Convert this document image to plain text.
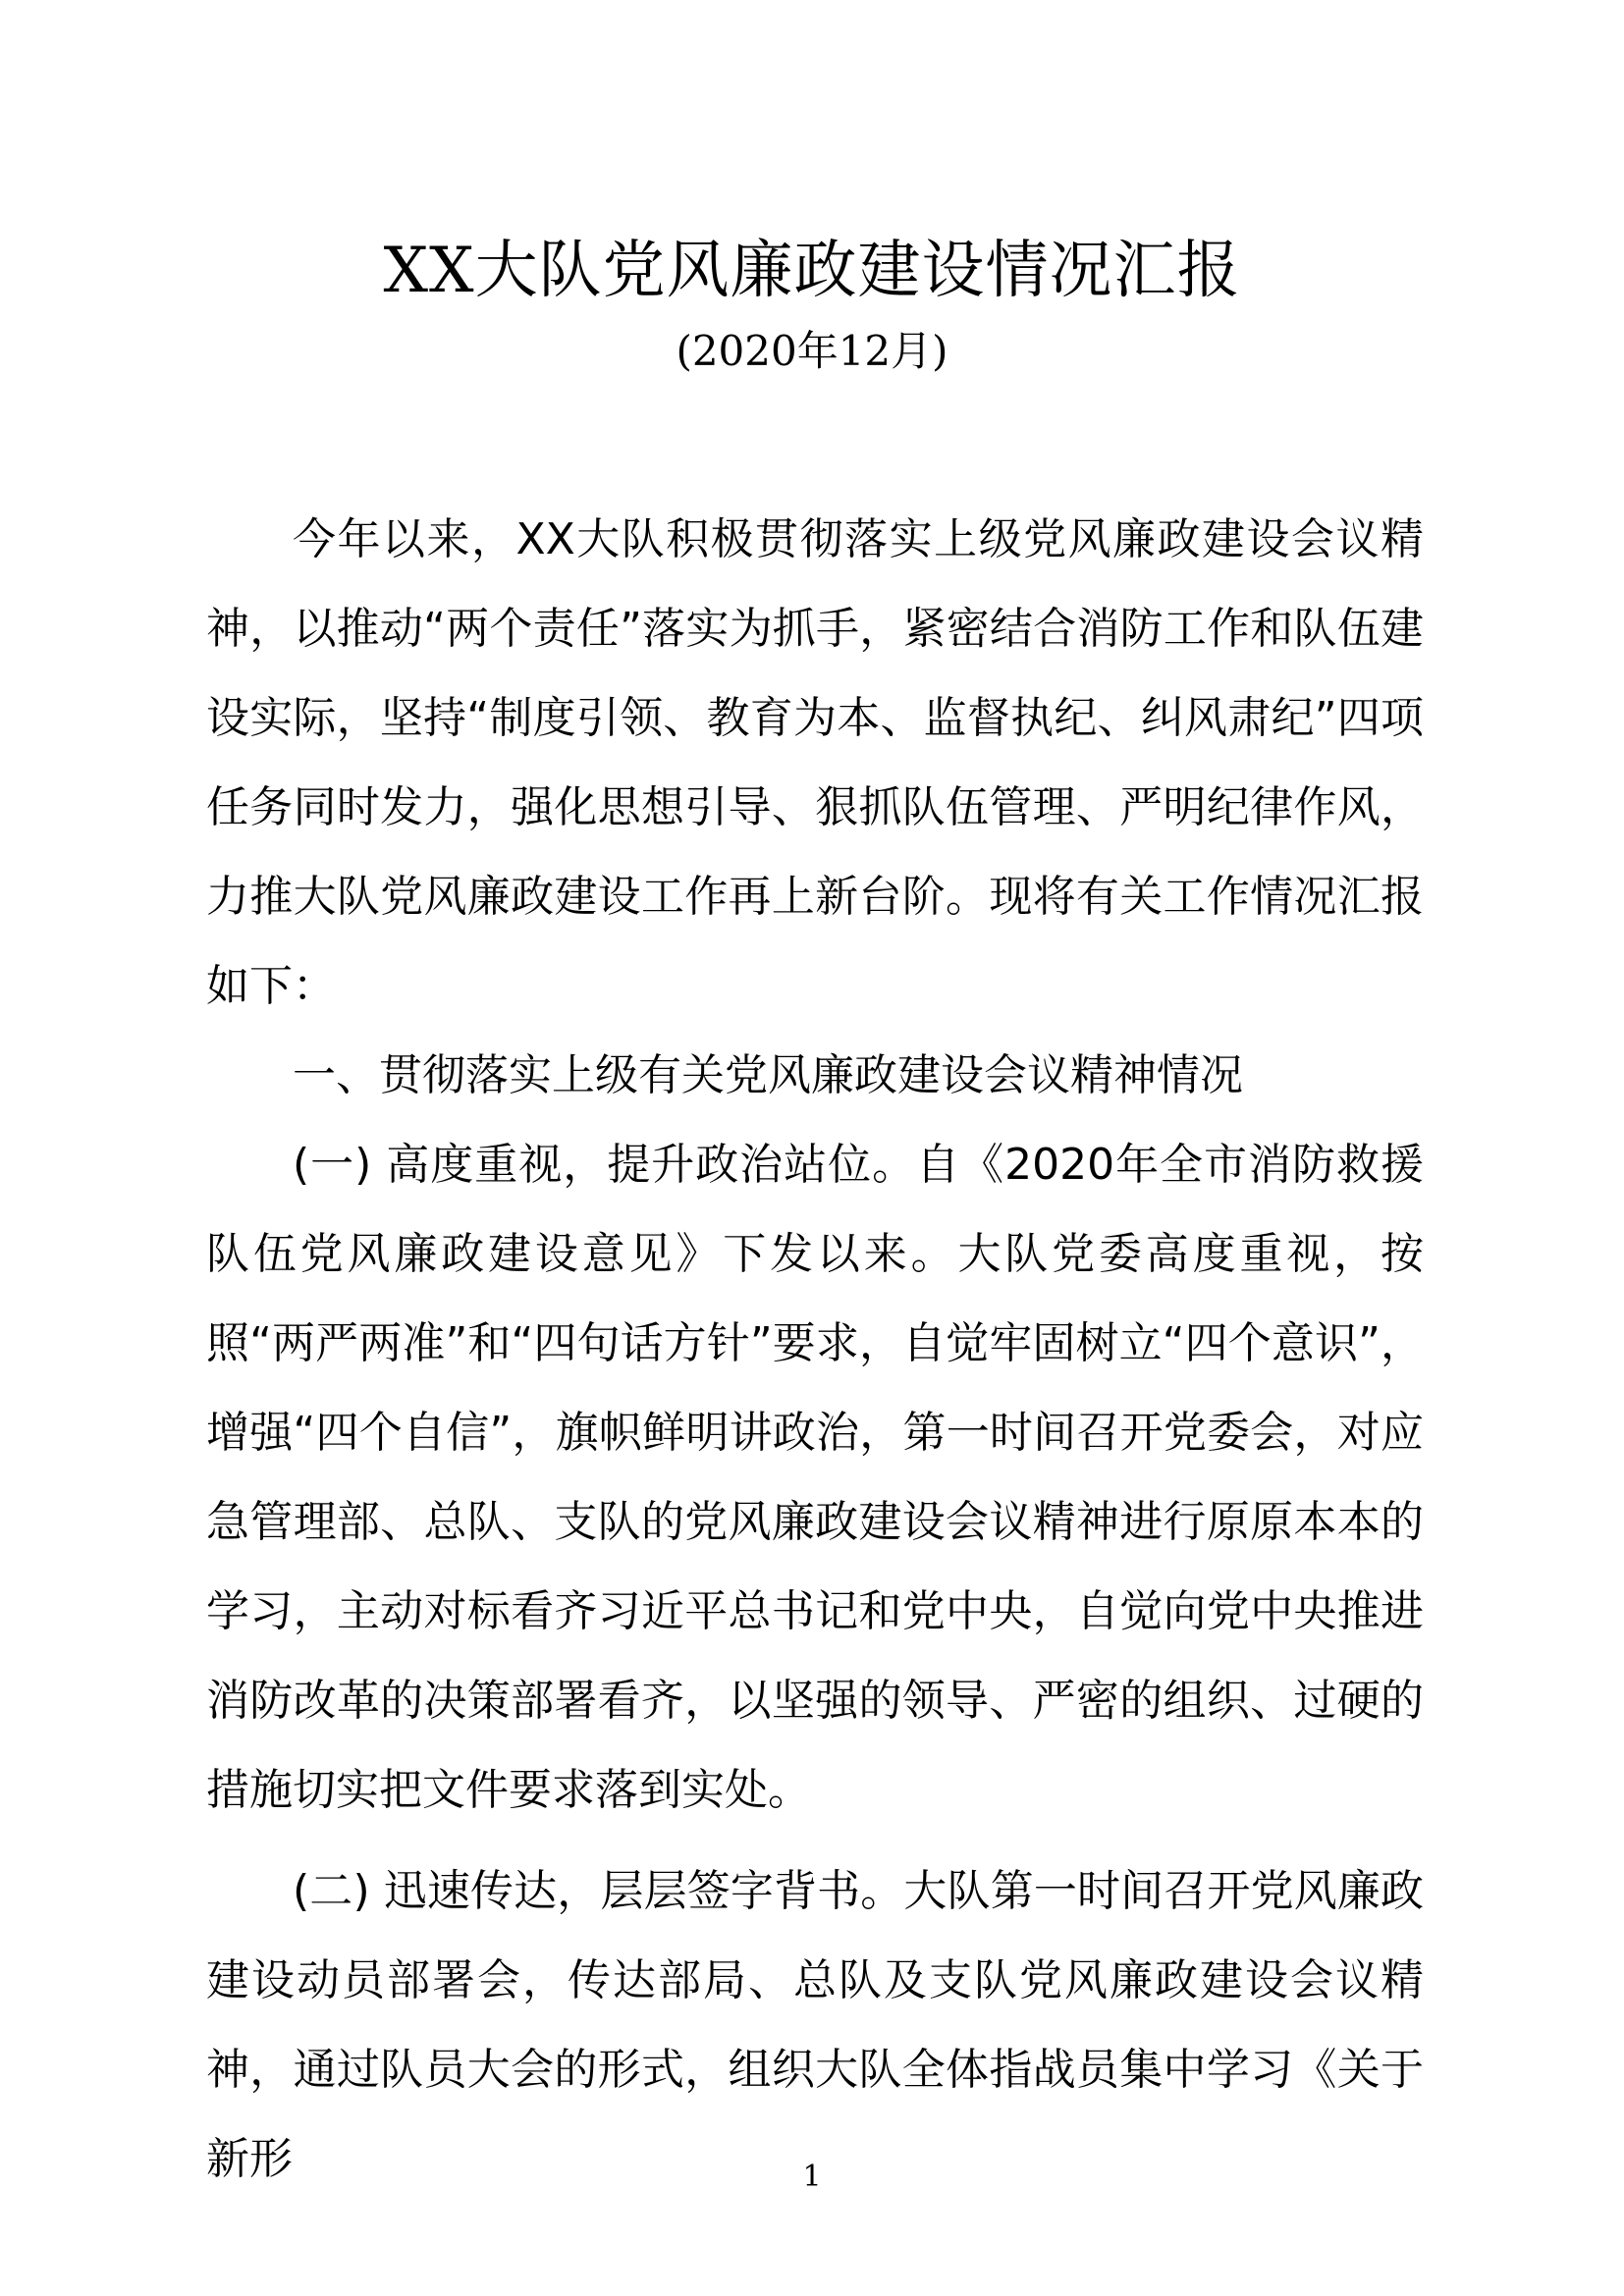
XX大队党风廉政建设情况汇报
(2020年12月)

今年以来，XX大队积极贯彻落实上级党风廉政建设会议精神，以推动“两个责任”落实为抓手，紧密结合消防工作和队伍建设实际，坚持“制度引领、教育为本、监督执纪、纠风肃纪”四项任务同时发力，强化思想引导、狠抓队伍管理、严明纪律作风，力推大队党风廉政建设工作再上新台阶。现将有关工作情况汇报如下：

一、贯彻落实上级有关党风廉政建设会议精神情况

(一) 高度重视，提升政治站位。自《2020年全市消防救援队伍党风廉政建设意见》下发以来。大队党委高度重视，按照“两严两准”和“四句话方针”要求，自觉牢固树立“四个意识”，增强“四个自信”，旗帜鲜明讲政治，第一时间召开党委会，对应急管理部、总队、支队的党风廉政建设会议精神进行原原本本的学习，主动对标看齐习近平总书记和党中央，自觉向党中央推进消防改革的决策部署看齐，以坚强的领导、严密的组织、过硬的措施切实把文件要求落到实处。

(二) 迅速传达，层层签字背书。大队第一时间召开党风廉政建设动员部署会，传达部局、总队及支队党风廉政建设会议精神，通过队员大会的形式，组织大队全体指战员集中学习《关于新形	1
